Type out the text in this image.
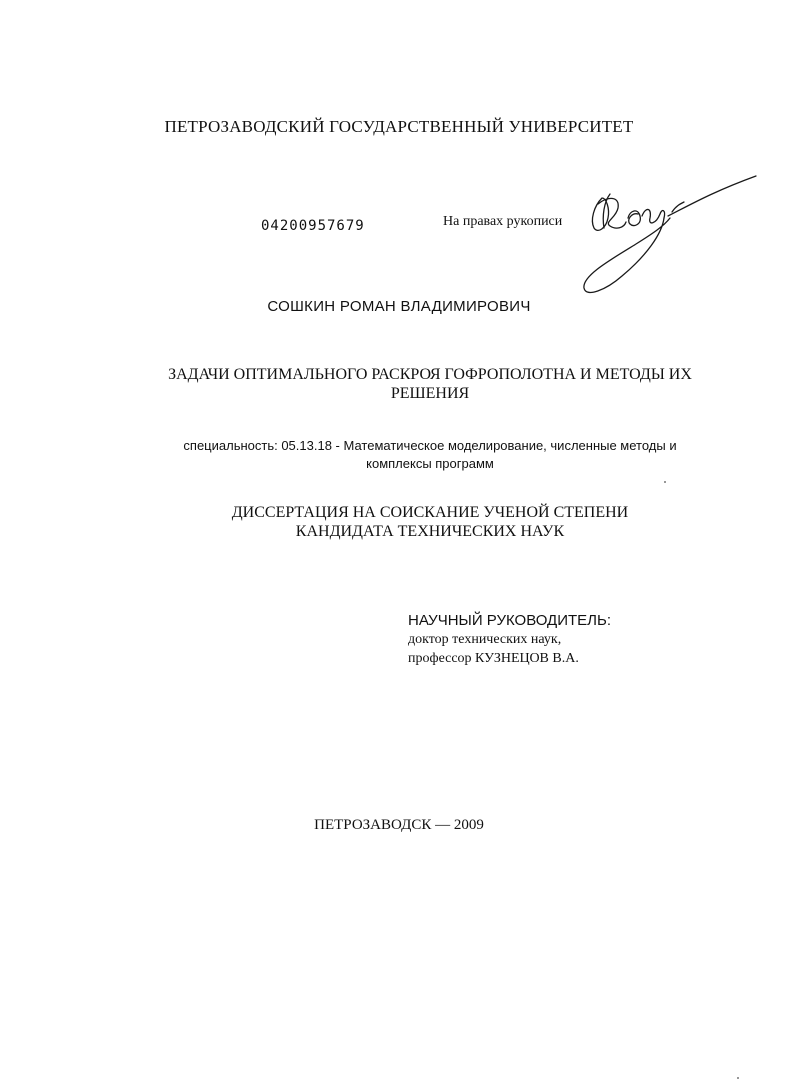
ПЕТРОЗАВОДСКИЙ ГОСУДАРСТВЕННЫЙ УНИВЕРСИТЕТ
04200957679	На правах рукописи
СОШКИН РОМАН ВЛАДИМИРОВИЧ
ЗАДАЧИ ОПТИМАЛЬНОГО РАСКРОЯ ГОФРОПОЛОТНА И МЕТОДЫ ИХ
РЕШЕНИЯ
специальность: 05.13.18 - Математическое моделирование, численные методы и
комплексы программ
ДИССЕРТАЦИЯ НА СОИСКАНИЕ УЧЕНОЙ СТЕПЕНИ
КАНДИДАТА ТЕХНИЧЕСКИХ НАУК
НАУЧНЫЙ РУКОВОДИТЕЛЬ:
доктор технических наук,
профессор КУЗНЕЦОВ В.А.
ПЕТРОЗАВОДСК — 2009
